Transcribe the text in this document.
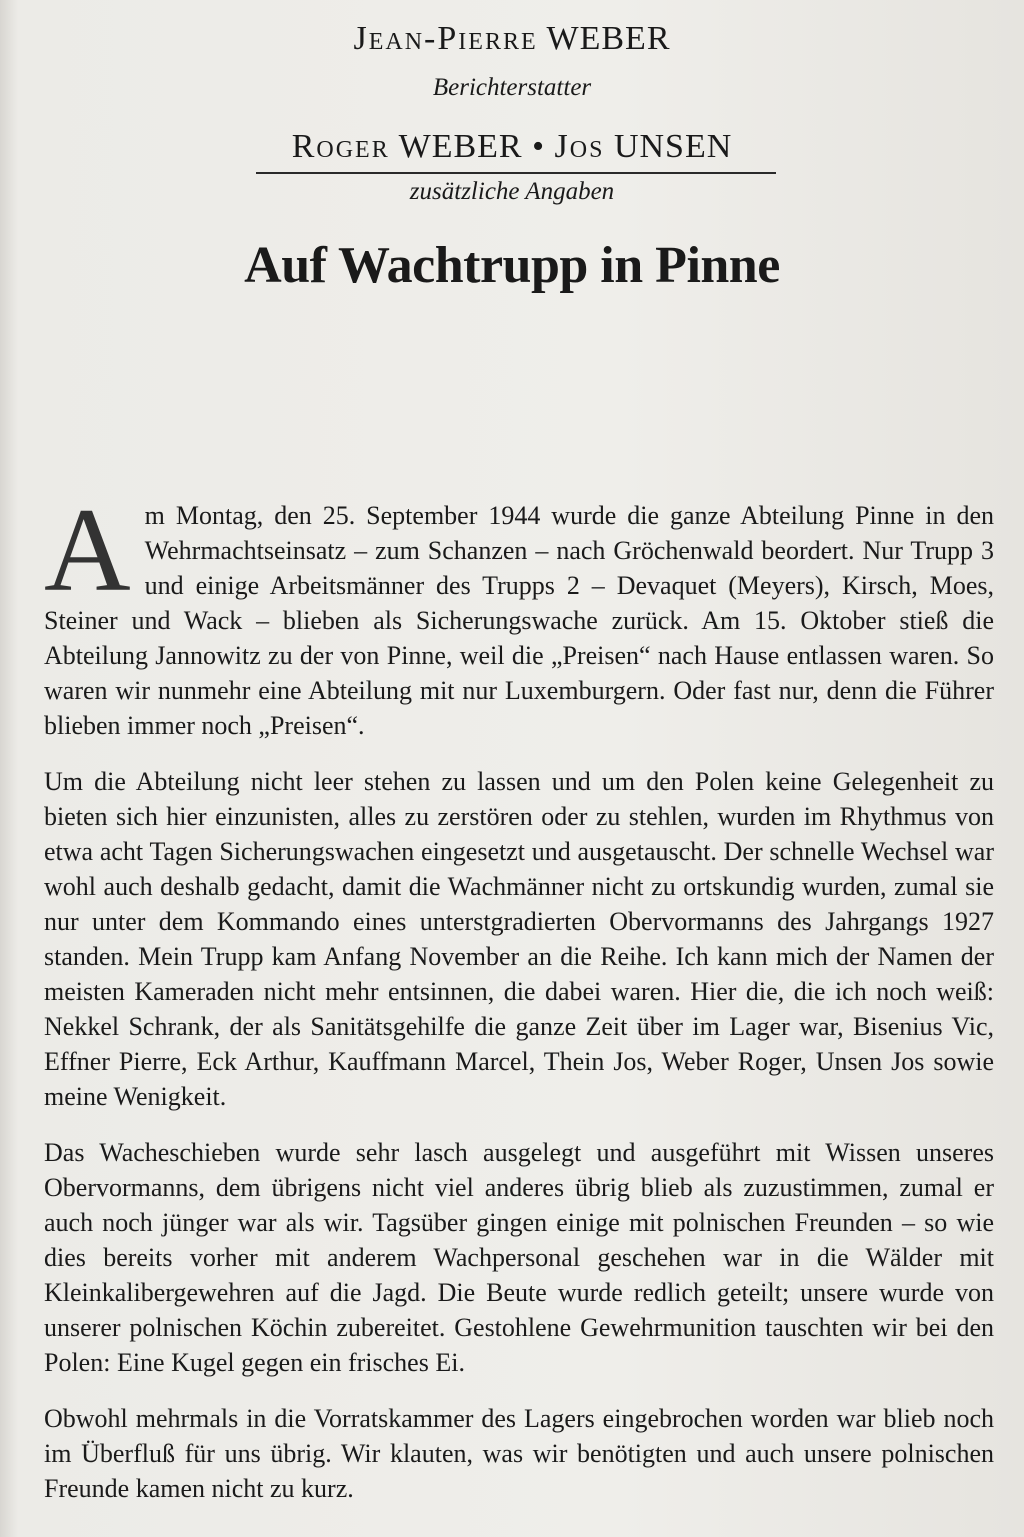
Jean-Pierre WEBER
Berichterstatter
Roger WEBER • Jos UNSEN
zusätzliche Angaben
Auf Wachtrupp in Pinne

Am Montag, den 25. September 1944 wurde die ganze Abteilung Pinne in den Wehrmachtseinsatz – zum Schanzen – nach Gröchenwald beordert. Nur Trupp 3 und einige Arbeitsmänner des Trupps 2 – Devaquet (Meyers), Kirsch, Moes, Steiner und Wack – blieben als Sicherungswache zurück. Am 15. Oktober stieß die Abteilung Jannowitz zu der von Pinne, weil die „Preisen“ nach Hause entlassen waren. So waren wir nunmehr eine Abteilung mit nur Luxemburgern. Oder fast nur, denn die Führer blieben immer noch „Preisen“.

Um die Abteilung nicht leer stehen zu lassen und um den Polen keine Gelegenheit zu bieten sich hier einzunisten, alles zu zerstören oder zu stehlen, wurden im Rhythmus von etwa acht Tagen Sicherungswachen eingesetzt und ausgetauscht. Der schnelle Wechsel war wohl auch deshalb gedacht, damit die Wachmänner nicht zu ortskundig wurden, zumal sie nur unter dem Kommando eines unterstgradierten Obervormanns des Jahrgangs 1927 standen. Mein Trupp kam Anfang November an die Reihe. Ich kann mich der Namen der meisten Kameraden nicht mehr entsinnen, die dabei waren. Hier die, die ich noch weiß: Nekkel Schrank, der als Sanitätsgehilfe die ganze Zeit über im Lager war, Bisenius Vic, Effner Pierre, Eck Arthur, Kauffmann Marcel, Thein Jos, Weber Roger, Unsen Jos sowie meine Wenigkeit.

Das Wacheschieben wurde sehr lasch ausgelegt und ausgeführt mit Wissen unseres Obervormanns, dem übrigens nicht viel anderes übrig blieb als zuzustimmen, zumal er auch noch jünger war als wir. Tagsüber gingen einige mit polnischen Freunden – so wie dies bereits vorher mit anderem Wachpersonal geschehen war in die Wälder mit Kleinkalibergewehren auf die Jagd. Die Beute wurde redlich geteilt; unsere wurde von unserer polnischen Köchin zubereitet. Gestohlene Gewehrmunition tauschten wir bei den Polen: Eine Kugel gegen ein frisches Ei.

Obwohl mehrmals in die Vorratskammer des Lagers eingebrochen worden war blieb noch im Überfluß für uns übrig. Wir klauten, was wir benötigten und auch unsere polnischen Freunde kamen nicht zu kurz.
